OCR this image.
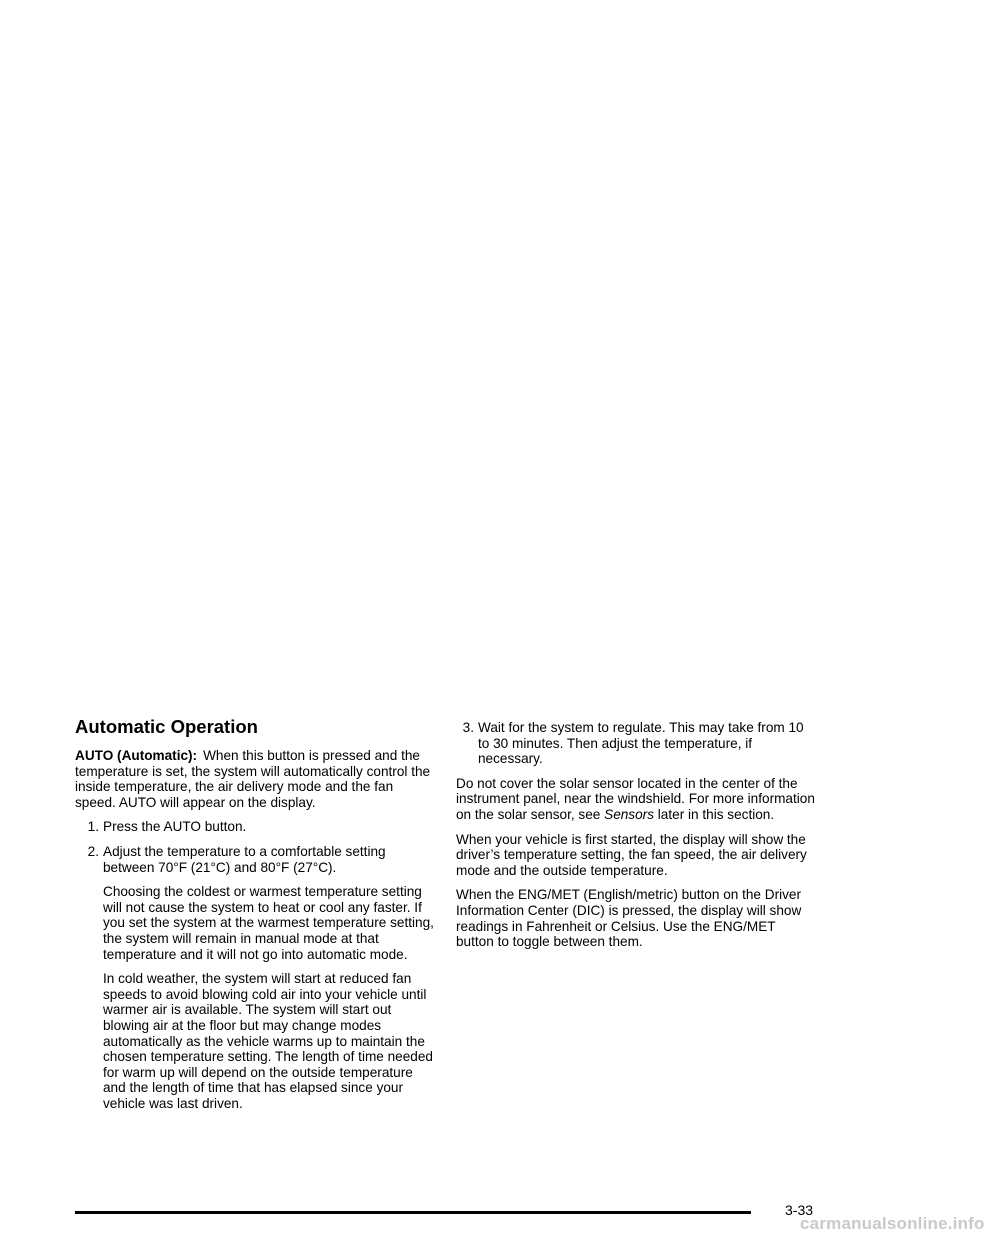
Automatic Operation

AUTO (Automatic): When this button is pressed and the temperature is set, the system will automatically control the inside temperature, the air delivery mode and the fan speed. AUTO will appear on the display.

1. Press the AUTO button.
2. Adjust the temperature to a comfortable setting between 70°F (21°C) and 80°F (27°C).

Choosing the coldest or warmest temperature setting will not cause the system to heat or cool any faster. If you set the system at the warmest temperature setting, the system will remain in manual mode at that temperature and it will not go into automatic mode.

In cold weather, the system will start at reduced fan speeds to avoid blowing cold air into your vehicle until warmer air is available. The system will start out blowing air at the floor but may change modes automatically as the vehicle warms up to maintain the chosen temperature setting. The length of time needed for warm up will depend on the outside temperature and the length of time that has elapsed since your vehicle was last driven.

3. Wait for the system to regulate. This may take from 10 to 30 minutes. Then adjust the temperature, if necessary.

Do not cover the solar sensor located in the center of the instrument panel, near the windshield. For more information on the solar sensor, see Sensors later in this section.

When your vehicle is first started, the display will show the driver’s temperature setting, the fan speed, the air delivery mode and the outside temperature.

When the ENG/MET (English/metric) button on the Driver Information Center (DIC) is pressed, the display will show readings in Fahrenheit or Celsius. Use the ENG/MET button to toggle between them.

3-33
carmanualsonline.info
